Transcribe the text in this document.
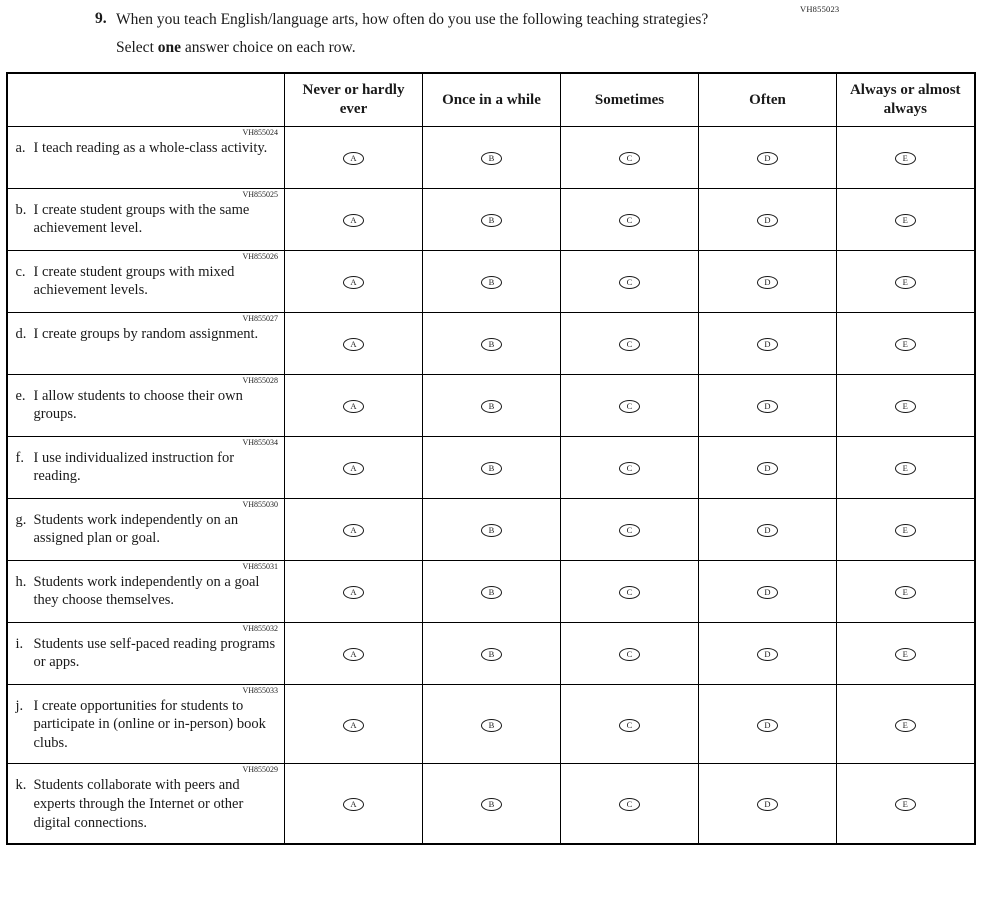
VH855023
9. When you teach English/language arts, how often do you use the following teaching strategies?
Select one answer choice on each row.
	Never or hardly ever	Once in a while	Sometimes	Often	Always or almost always

VH855024
a. I teach reading as a whole-class activity.	A	B	C	D	E

VH855025
b. I create student groups with the same achievement level.	A	B	C	D	E

VH855026
c. I create student groups with mixed achievement levels.	A	B	C	D	E

VH855027
d. I create groups by random assignment.	A	B	C	D	E

VH855028
e. I allow students to choose their own groups.	A	B	C	D	E

VH855034
f. I use individualized instruction for reading.	A	B	C	D	E

VH855030
g. Students work independently on an assigned plan or goal.	A	B	C	D	E

VH855031
h. Students work independently on a goal they choose themselves.	A	B	C	D	E

VH855032
i. Students use self-paced reading programs or apps.	A	B	C	D	E

VH855033
j. I create opportunities for students to participate in (online or in-person) book clubs.	A	B	C	D	E

VH855029
k. Students collaborate with peers and experts through the Internet or other digital connections.	A	B	C	D	E
